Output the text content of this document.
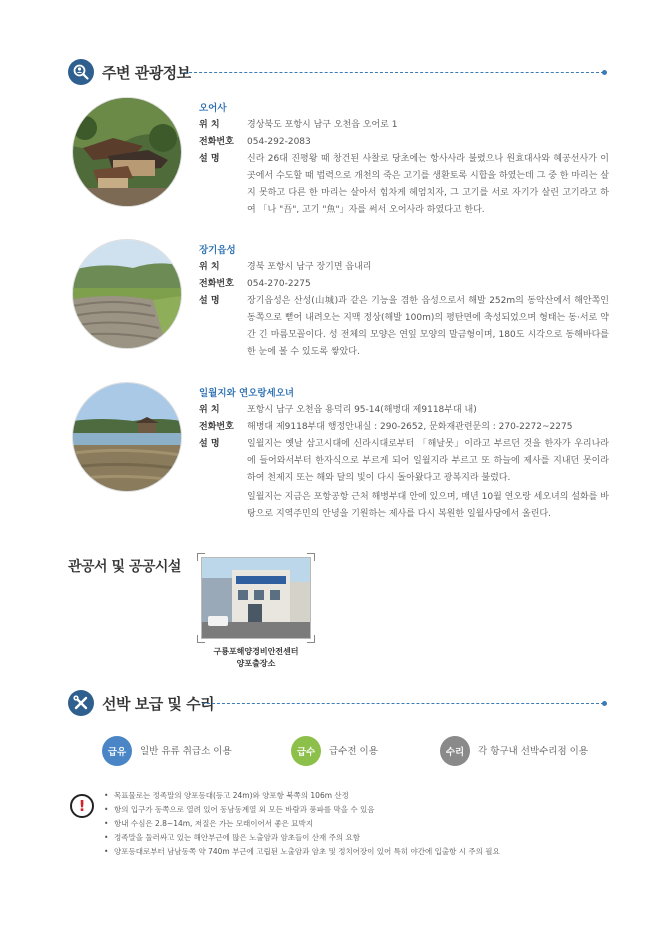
주변 관광정보
오어사
위 치	경상북도 포항시 남구 오천읍 오어로 1
전화번호	054-292-2083
설 명	신라 26대 진평왕 때 창건된 사찰로 당초에는 항사사라 불렸으나 원효대사와 혜공선사가 이곳에서 수도할 때 법력으로 개천의 죽은 고기를 생환토록 시합을 하였는데 그 중 한 마리는 살지 못하고 다른 한 마리는 살아서 힘차게 헤엄치자, 그 고기를 서로 자기가 살린 고기라고 하여 「나 "吾", 고기 "魚"」자를 써서 오어사라 하였다고 한다.

장기읍성
위 치	경북 포항시 남구 장기면 읍내리
전화번호	054-270-2275
설 명	장기읍성은 산성(山城)과 같은 기능을 겸한 읍성으로서 해발 252m의 동악산에서 해안쪽인 동쪽으로 뻗어 내려오는 지맥 정상(해발 100m)의 평탄면에 축성되었으며 형태는 동·서로 약간 긴 마름모꼴이다. 성 전체의 모양은 연잎 모양의 말금형이며, 180도 시각으로 동해바다를 한 눈에 볼 수 있도록 쌓았다.

일월지와 연오랑세오녀
위 치	포항시 남구 오천읍 용덕리 95-14(해병대 제9118부대 내)
전화번호	해병대 제9118부대 행정안내실 : 290-2652, 문화재관련문의 : 270-2272~2275
설 명	일월지는 옛날 삼고시대에 신라시대로부터 「해날못」이라고 부르던 것을 한자가 우리나라에 들어와서부터 한자식으로 부르게 되어 일월지라 부르고 또 하늘에 제사를 지내던 못이라 하여 천제지 또는 해와 달의 빛이 다시 돌아왔다고 광복지라 불렀다.

일월지는 지금은 포항공항 근처 해병부대 안에 있으며, 매년 10월 연오랑 세오녀의 설화를 바탕으로 지역주민의 안녕을 기원하는 제사를 다시 복원한 일월사당에서 올린다.

관공서 및 공공시설
구룡포해양경비안전센터
양포출장소
선박 보급 및 수리
급유	일반 유류 취급소 이용	급수	급수전 이용	수리	각 항구내 선박수리점 이용
!
• 목표물로는 정족말의 양포등대(등고 24m)와 양포항 북쪽의 106m 산정
• 항의 입구가 동쪽으로 열려 있어 동남동계열 외 모든 바람과 풍파를 막을 수 있음
• 항내 수심은 2.8~14m, 저질은 가는 모래이어서 좋은 묘박지
• 정족말을 둘러싸고 있는 해안부근에 많은 노출암과 암초들이 산재 주의 요함
• 양포등대로부터 남남동쪽 약 740m 부근에 고립된 노출암과 암초 및 정치어장이 있어 특히 야간에 입출항 시 주의 필요
